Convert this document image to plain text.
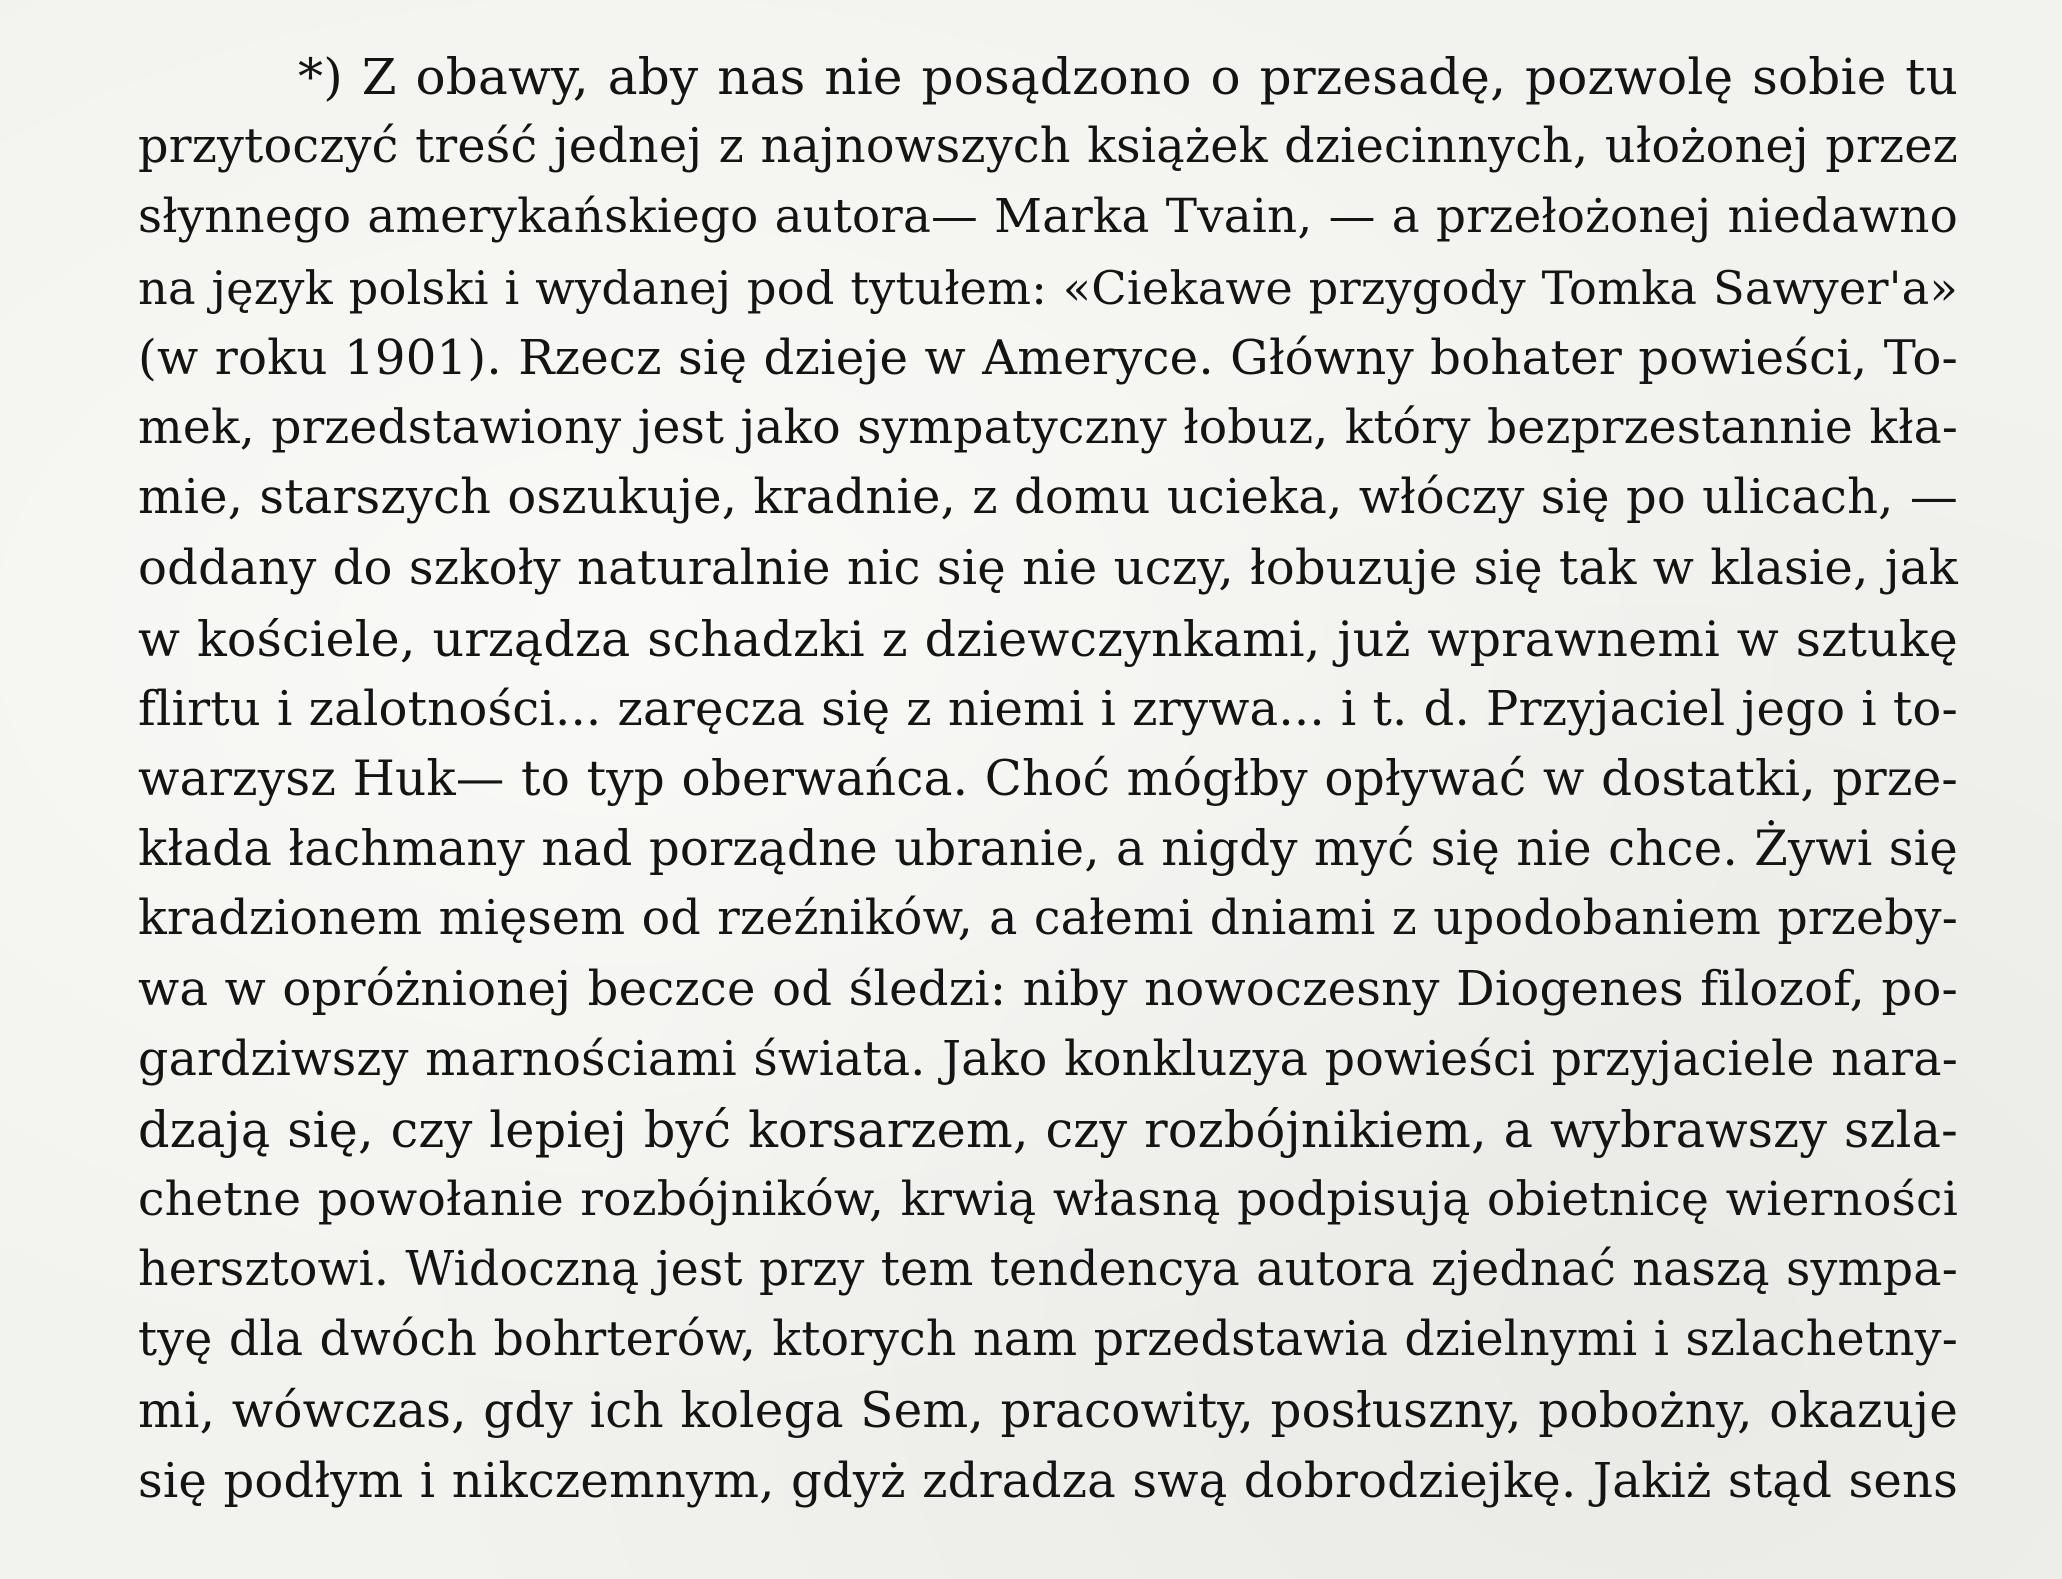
*) Z obawy, aby nas nie posądzono o przesadę, pozwolę sobie tu
przytoczyć treść jednej z najnowszych książek dziecinnych, ułożonej przez
słynnego amerykańskiego autora— Marka Tvain, — a przełożonej niedawno
na język polski i wydanej pod tytułem: «Ciekawe przygody Tomka Sawyer'a»
(w roku 1901). Rzecz się dzieje w Ameryce. Główny bohater powieści, To-
mek, przedstawiony jest jako sympatyczny łobuz, który bezprzestannie kła-
mie, starszych oszukuje, kradnie, z domu ucieka, włóczy się po ulicach, —
oddany do szkoły naturalnie nic się nie uczy, łobuzuje się tak w klasie, jak
w kościele, urządza schadzki z dziewczynkami, już wprawnemi w sztukę
flirtu i zalotności... zaręcza się z niemi i zrywa... i t. d. Przyjaciel jego i to-
warzysz Huk— to typ oberwańca. Choć mógłby opływać w dostatki, prze-
kłada łachmany nad porządne ubranie, a nigdy myć się nie chce. Żywi się
kradzionem mięsem od rzeźników, a całemi dniami z upodobaniem przeby-
wa w opróżnionej beczce od śledzi: niby nowoczesny Diogenes filozof, po-
gardziwszy marnościami świata. Jako konkluzya powieści przyjaciele nara-
dzają się, czy lepiej być korsarzem, czy rozbójnikiem, a wybrawszy szla-
chetne powołanie rozbójników, krwią własną podpisują obietnicę wierności
hersztowi. Widoczną jest przy tem tendencya autora zjednać naszą sympa-
tyę dla dwóch bohrterów, ktorych nam przedstawia dzielnymi i szlachetny-
mi, wówczas, gdy ich kolega Sem, pracowity, posłuszny, pobożny, okazuje
się podłym i nikczemnym, gdyż zdradza swą dobrodziejkę. Jakiż stąd sens
